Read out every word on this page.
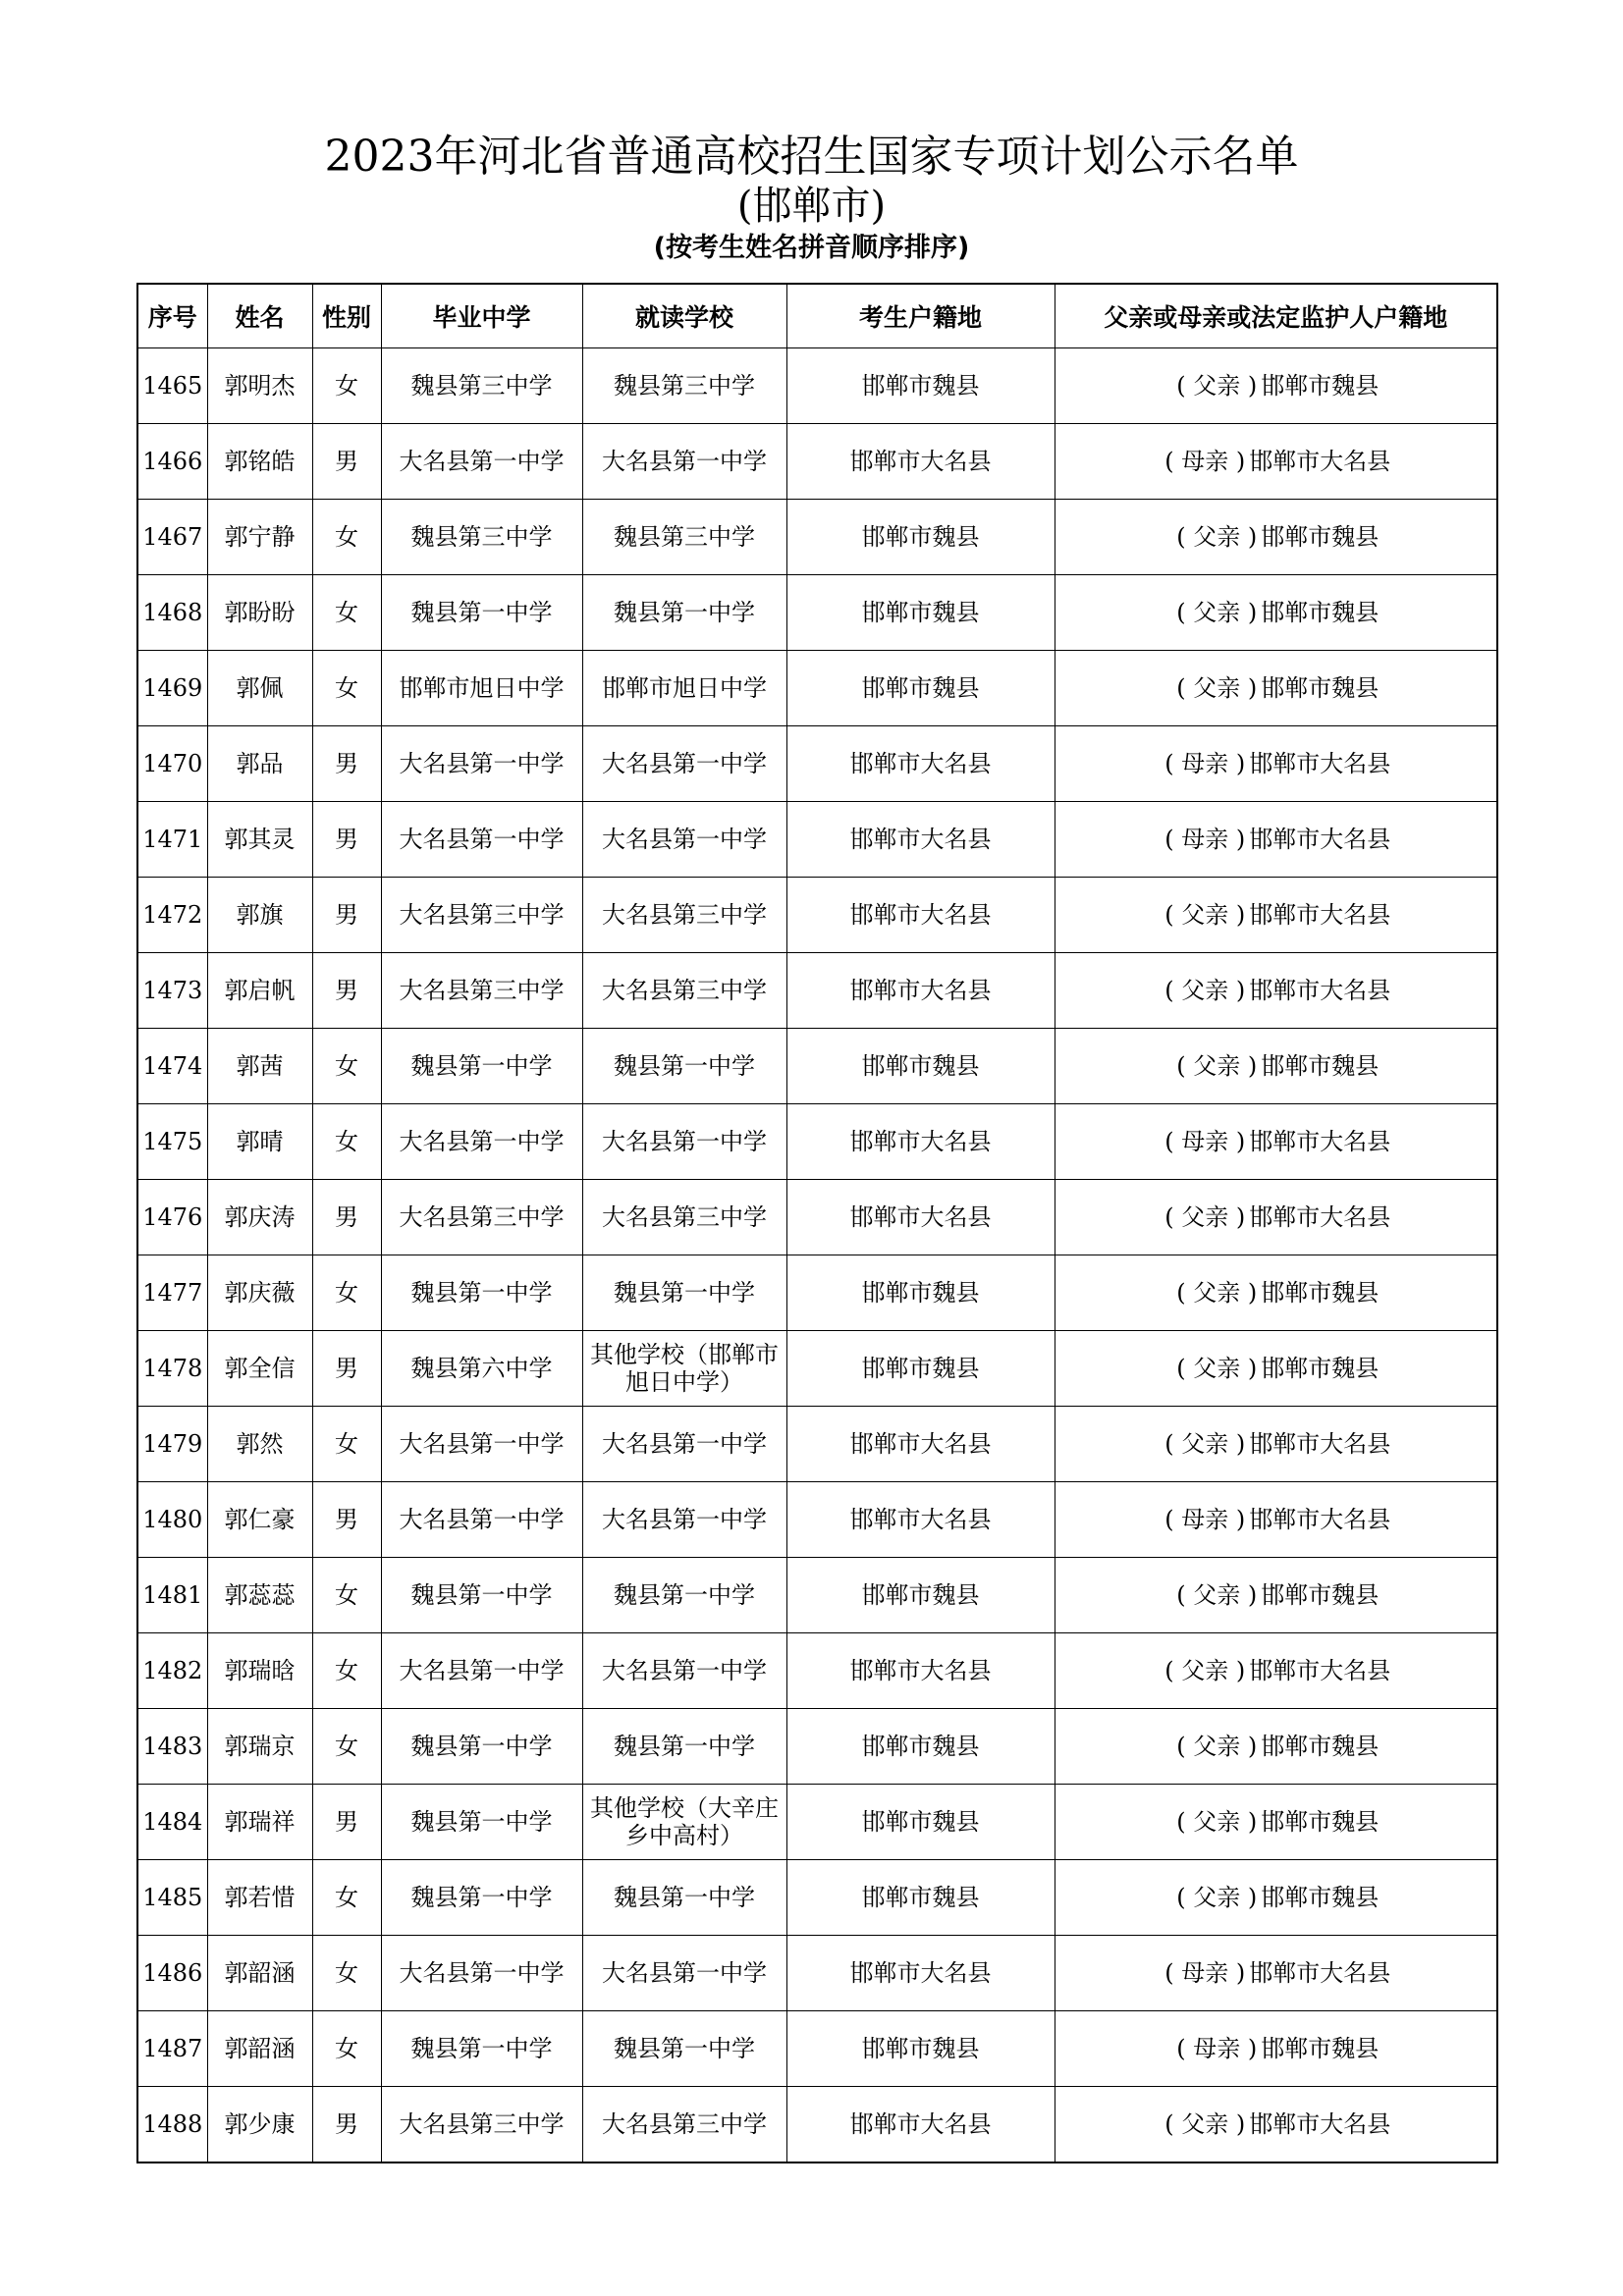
2023年河北省普通高校招生国家专项计划公示名单
(邯郸市)
(按考生姓名拼音顺序排序)
序号	姓名	性别	毕业中学	就读学校	考生户籍地	父亲或母亲或法定监护人户籍地
1465	郭明杰	女	魏县第三中学	魏县第三中学	邯郸市魏县	( 父亲 ) 邯郸市魏县
1466	郭铭皓	男	大名县第一中学	大名县第一中学	邯郸市大名县	( 母亲 ) 邯郸市大名县
1467	郭宁静	女	魏县第三中学	魏县第三中学	邯郸市魏县	( 父亲 ) 邯郸市魏县
1468	郭盼盼	女	魏县第一中学	魏县第一中学	邯郸市魏县	( 父亲 ) 邯郸市魏县
1469	郭佩	女	邯郸市旭日中学	邯郸市旭日中学	邯郸市魏县	( 父亲 ) 邯郸市魏县
1470	郭品	男	大名县第一中学	大名县第一中学	邯郸市大名县	( 母亲 ) 邯郸市大名县
1471	郭其灵	男	大名县第一中学	大名县第一中学	邯郸市大名县	( 母亲 ) 邯郸市大名县
1472	郭旗	男	大名县第三中学	大名县第三中学	邯郸市大名县	( 父亲 ) 邯郸市大名县
1473	郭启帆	男	大名县第三中学	大名县第三中学	邯郸市大名县	( 父亲 ) 邯郸市大名县
1474	郭茜	女	魏县第一中学	魏县第一中学	邯郸市魏县	( 父亲 ) 邯郸市魏县
1475	郭晴	女	大名县第一中学	大名县第一中学	邯郸市大名县	( 母亲 ) 邯郸市大名县
1476	郭庆涛	男	大名县第三中学	大名县第三中学	邯郸市大名县	( 父亲 ) 邯郸市大名县
1477	郭庆薇	女	魏县第一中学	魏县第一中学	邯郸市魏县	( 父亲 ) 邯郸市魏县
1478	郭全信	男	魏县第六中学	其他学校（邯郸市旭日中学）	邯郸市魏县	( 父亲 ) 邯郸市魏县
1479	郭然	女	大名县第一中学	大名县第一中学	邯郸市大名县	( 父亲 ) 邯郸市大名县
1480	郭仁豪	男	大名县第一中学	大名县第一中学	邯郸市大名县	( 母亲 ) 邯郸市大名县
1481	郭蕊蕊	女	魏县第一中学	魏县第一中学	邯郸市魏县	( 父亲 ) 邯郸市魏县
1482	郭瑞晗	女	大名县第一中学	大名县第一中学	邯郸市大名县	( 父亲 ) 邯郸市大名县
1483	郭瑞京	女	魏县第一中学	魏县第一中学	邯郸市魏县	( 父亲 ) 邯郸市魏县
1484	郭瑞祥	男	魏县第一中学	其他学校（大辛庄乡中高村）	邯郸市魏县	( 父亲 ) 邯郸市魏县
1485	郭若惜	女	魏县第一中学	魏县第一中学	邯郸市魏县	( 父亲 ) 邯郸市魏县
1486	郭韶涵	女	大名县第一中学	大名县第一中学	邯郸市大名县	( 母亲 ) 邯郸市大名县
1487	郭韶涵	女	魏县第一中学	魏县第一中学	邯郸市魏县	( 母亲 ) 邯郸市魏县
1488	郭少康	男	大名县第三中学	大名县第三中学	邯郸市大名县	( 父亲 ) 邯郸市大名县
